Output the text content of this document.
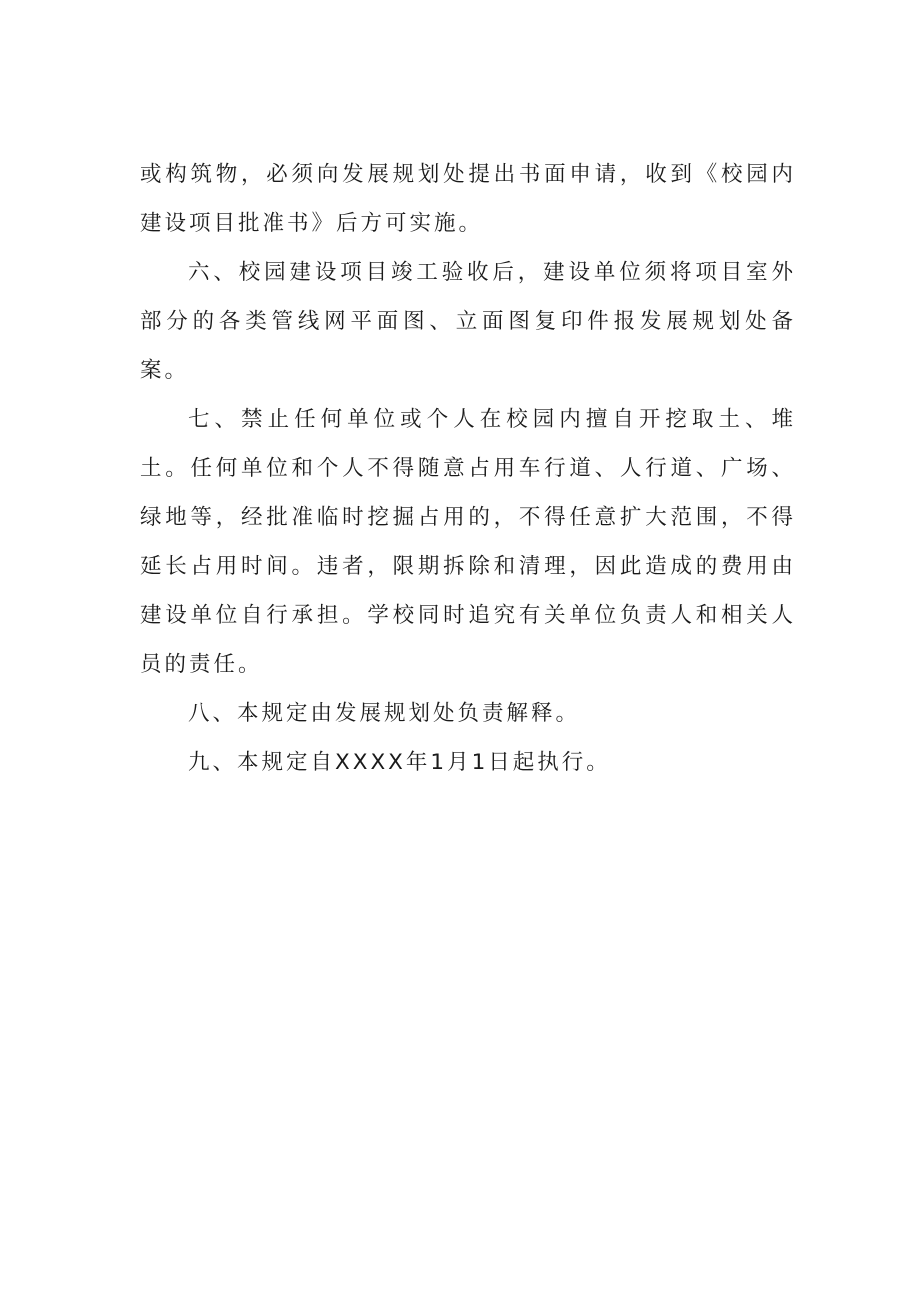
或构筑物，必须向发展规划处提出书面申请，收到《校园内建设项目批准书》后方可实施。

六、校园建设项目竣工验收后，建设单位须将项目室外部分的各类管线网平面图、立面图复印件报发展规划处备案。

七、禁止任何单位或个人在校园内擅自开挖取土、堆土。任何单位和个人不得随意占用车行道、人行道、广场、绿地等，经批准临时挖掘占用的，不得任意扩大范围，不得延长占用时间。违者，限期拆除和清理，因此造成的费用由建设单位自行承担。学校同时追究有关单位负责人和相关人员的责任。

八、本规定由发展规划处负责解释。

九、本规定自XXXX年1月1日起执行。
